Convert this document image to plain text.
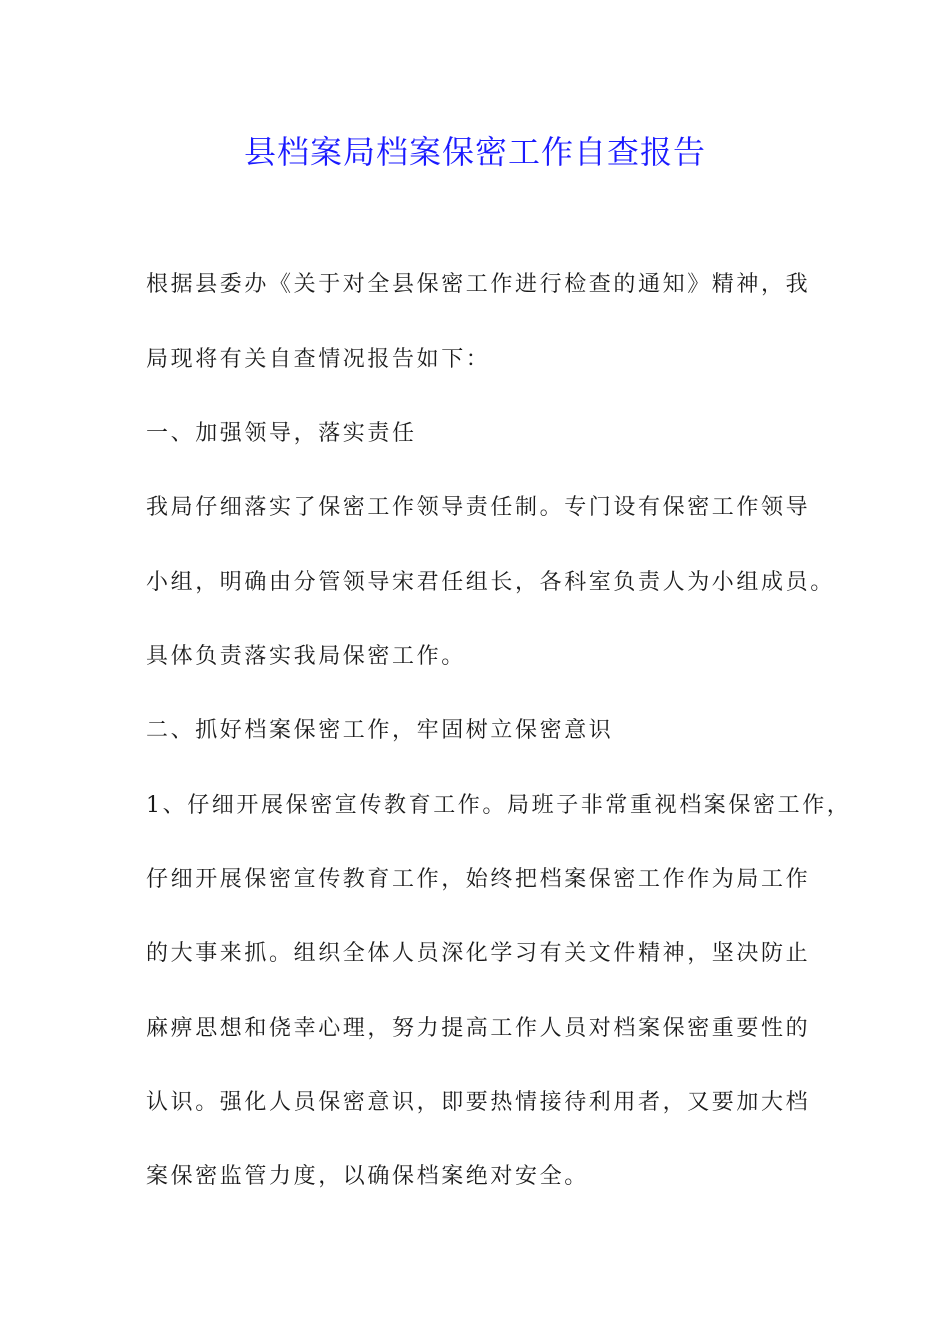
县档案局档案保密工作自查报告

根据县委办《关于对全县保密工作进行检查的通知》精神，我

局现将有关自查情况报告如下：

一、加强领导，落实责任

我局仔细落实了保密工作领导责任制。专门设有保密工作领导

小组，明确由分管领导宋君任组长，各科室负责人为小组成员。

具体负责落实我局保密工作。

二、抓好档案保密工作，牢固树立保密意识

1、仔细开展保密宣传教育工作。局班子非常重视档案保密工作，

仔细开展保密宣传教育工作，始终把档案保密工作作为局工作

的大事来抓。组织全体人员深化学习有关文件精神，坚决防止

麻痹思想和侥幸心理，努力提高工作人员对档案保密重要性的

认识。强化人员保密意识，即要热情接待利用者，又要加大档

案保密监管力度，以确保档案绝对安全。
